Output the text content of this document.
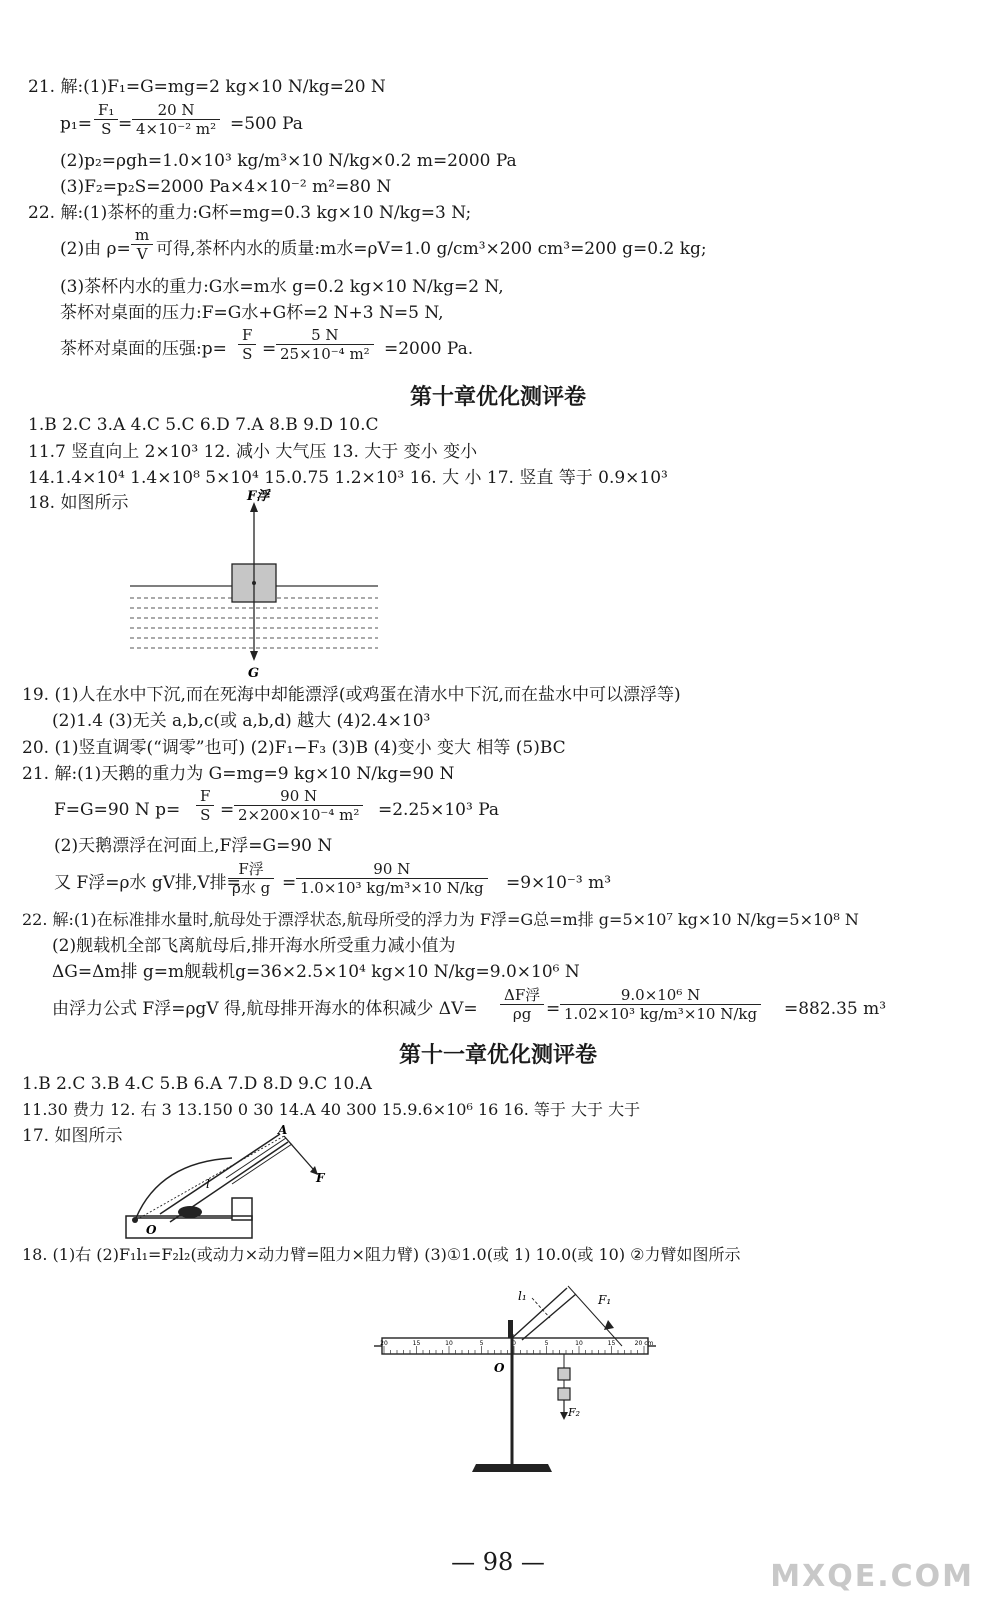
21. 解:(1)F₁=G=mg=2 kg×10 N/kg=20 N
$p_1= \frac{\text{F₁}}{S} = \frac{20 N}{\text{4×10⁻² m²}} =500$ Pa
(2)p₂=ρgh=1.0×10³ kg/m³×10 N/kg×0.2 m=2000 Pa
(3)F₂=p₂S=2000 Pa×4×10⁻² m²=80 N
22. 解:(1)茶杯的重力:G杯=mg=0.3 kg×10 N/kg=3 N;
(2)由 $\rho= \frac{m}{V}$ 可得,茶杯内水的质量:m水=ρV=1.0 g/cm³×200 cm³=200 g=0.2 kg;
(3)茶杯内水的重力:G水=m水 g=0.2 kg×10 N/kg=2 N,
茶杯对桌面的压力:F=G水+G杯=2 N+3 N=5 N,
茶杯对桌面的压强:p= $\frac{F}{S} = \frac{5 N}{\text{25×10⁻⁴ m²}} =2000$ Pa.
第十章优化测评卷
1.B 2.C 3.A 4.C 5.C 6.D 7.A 8.B 9.D 10.C
11.7 竖直向上 2×10³ 12. 减小 大气压 13. 大于 变小 变小
14.1.4×10⁴ 1.4×10⁸ 5×10⁴ 15.0.75 1.2×10³ 16. 大 小 17. 竖直 等于 0.9×10³
18. 如图所示	F浮
G
19. (1)人在水中下沉,而在死海中却能漂浮(或鸡蛋在清水中下沉,而在盐水中可以漂浮等)
(2)1.4 (3)无关 a,b,c(或 a,b,d) 越大 (4)2.4×10³
20. (1)竖直调零(“调零”也可) (2)F₁−F₃ (3)B (4)变小 变大 相等 (5)BC
21. 解:(1)天鹅的重力为 G=mg=9 kg×10 N/kg=90 N
F=G=90 N $p= \frac{F}{S} = \frac{90 N}{\text{2×200×10⁻⁴ m²}} =2.25\times 10^3$ Pa
(2)天鹅漂浮在河面上,F浮=G=90 N
又 F浮=ρ水 gV排,V排=
F浮
ρ水 $g = \frac{90 N}{\text{1.0×10³ kg/m³×10 N/kg}} =9\times 10^{-3}$ m³
22. 解:(1)在标准排水量时,航母处于漂浮状态,航母所受的浮力为 F浮=G总=m排 g=5×10⁷ kg×10 N/kg=5×10⁸ N
(2)舰载机全部飞离航母后,排开海水所受重力减小值为
ΔG=Δm排 g=m舰载机g=36×2.5×10⁴ kg×10 N/kg=9.0×10⁶ N
由浮力公式 F浮=ρgV 得,航母排开海水的体积减少 ΔV=
ΔF浮
$\rho g = \frac{\text{9.0×10⁶ N}}{\text{1.02×10³ kg/m³×10 N/kg}} =882.35$ m³
第十一章优化测评卷
1.B 2.C 3.B 4.C 5.B 6.A 7.D 8.D 9.C 10.A
11.30 费力 12. 右 3 13.150 0 30 14.A 40 300 15.9.6×10⁶ 16 16. 等于 大于 大于
17. 如图所示	A
F
l
O
18. (1)右 (2)F₁l₁=F₂l₂(或动力×动力臂=阻力×阻力臂) (3)①1.0(或 1) 10.0(或 10) ②力臂如图所示
20	15	10	5	0	5	10	15	20 cm
l₁	F₁
O
F₂
— 98 —	MXQE.COM
